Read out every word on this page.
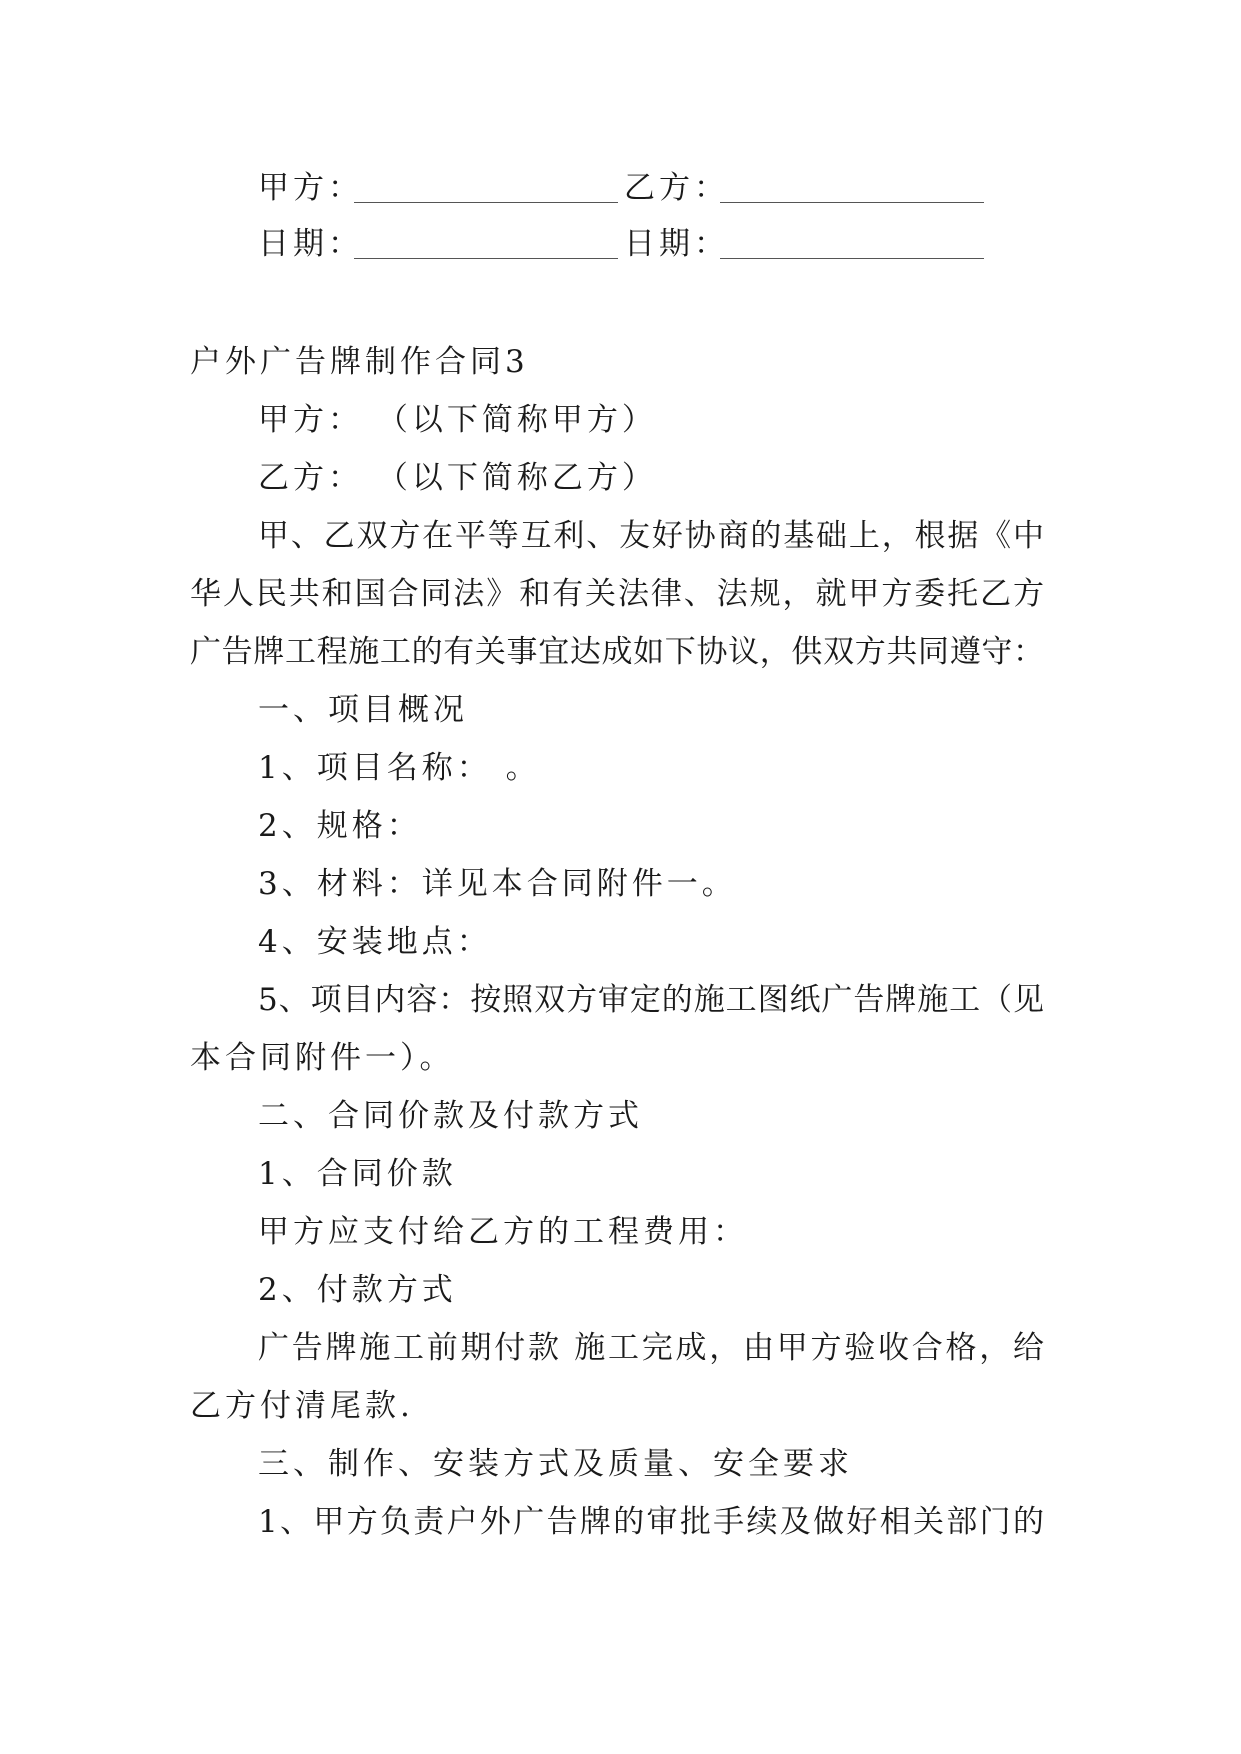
甲方：	乙方：
日期：	日期：
户外广告牌制作合同3
甲方： （以下简称甲方）
乙方： （以下简称乙方）
甲、乙双方在平等互利、友好协商的基础上，根据《中
华人民共和国合同法》和有关法律、法规，就甲方委托乙方
广告牌工程施工的有关事宜达成如下协议，供双方共同遵守：
一、项目概况
1、项目名称： 。
2、规格：
3、材料：详见本合同附件一。
4、安装地点：
5、项目内容：按照双方审定的施工图纸广告牌施工（见
本合同附件一）。
二、合同价款及付款方式
1、合同价款
甲方应支付给乙方的工程费用：
2、付款方式
广告牌施工前期付款 施工完成，由甲方验收合格，给
乙方付清尾款.
三、制作、安装方式及质量、安全要求
1、甲方负责户外广告牌的审批手续及做好相关部门的
